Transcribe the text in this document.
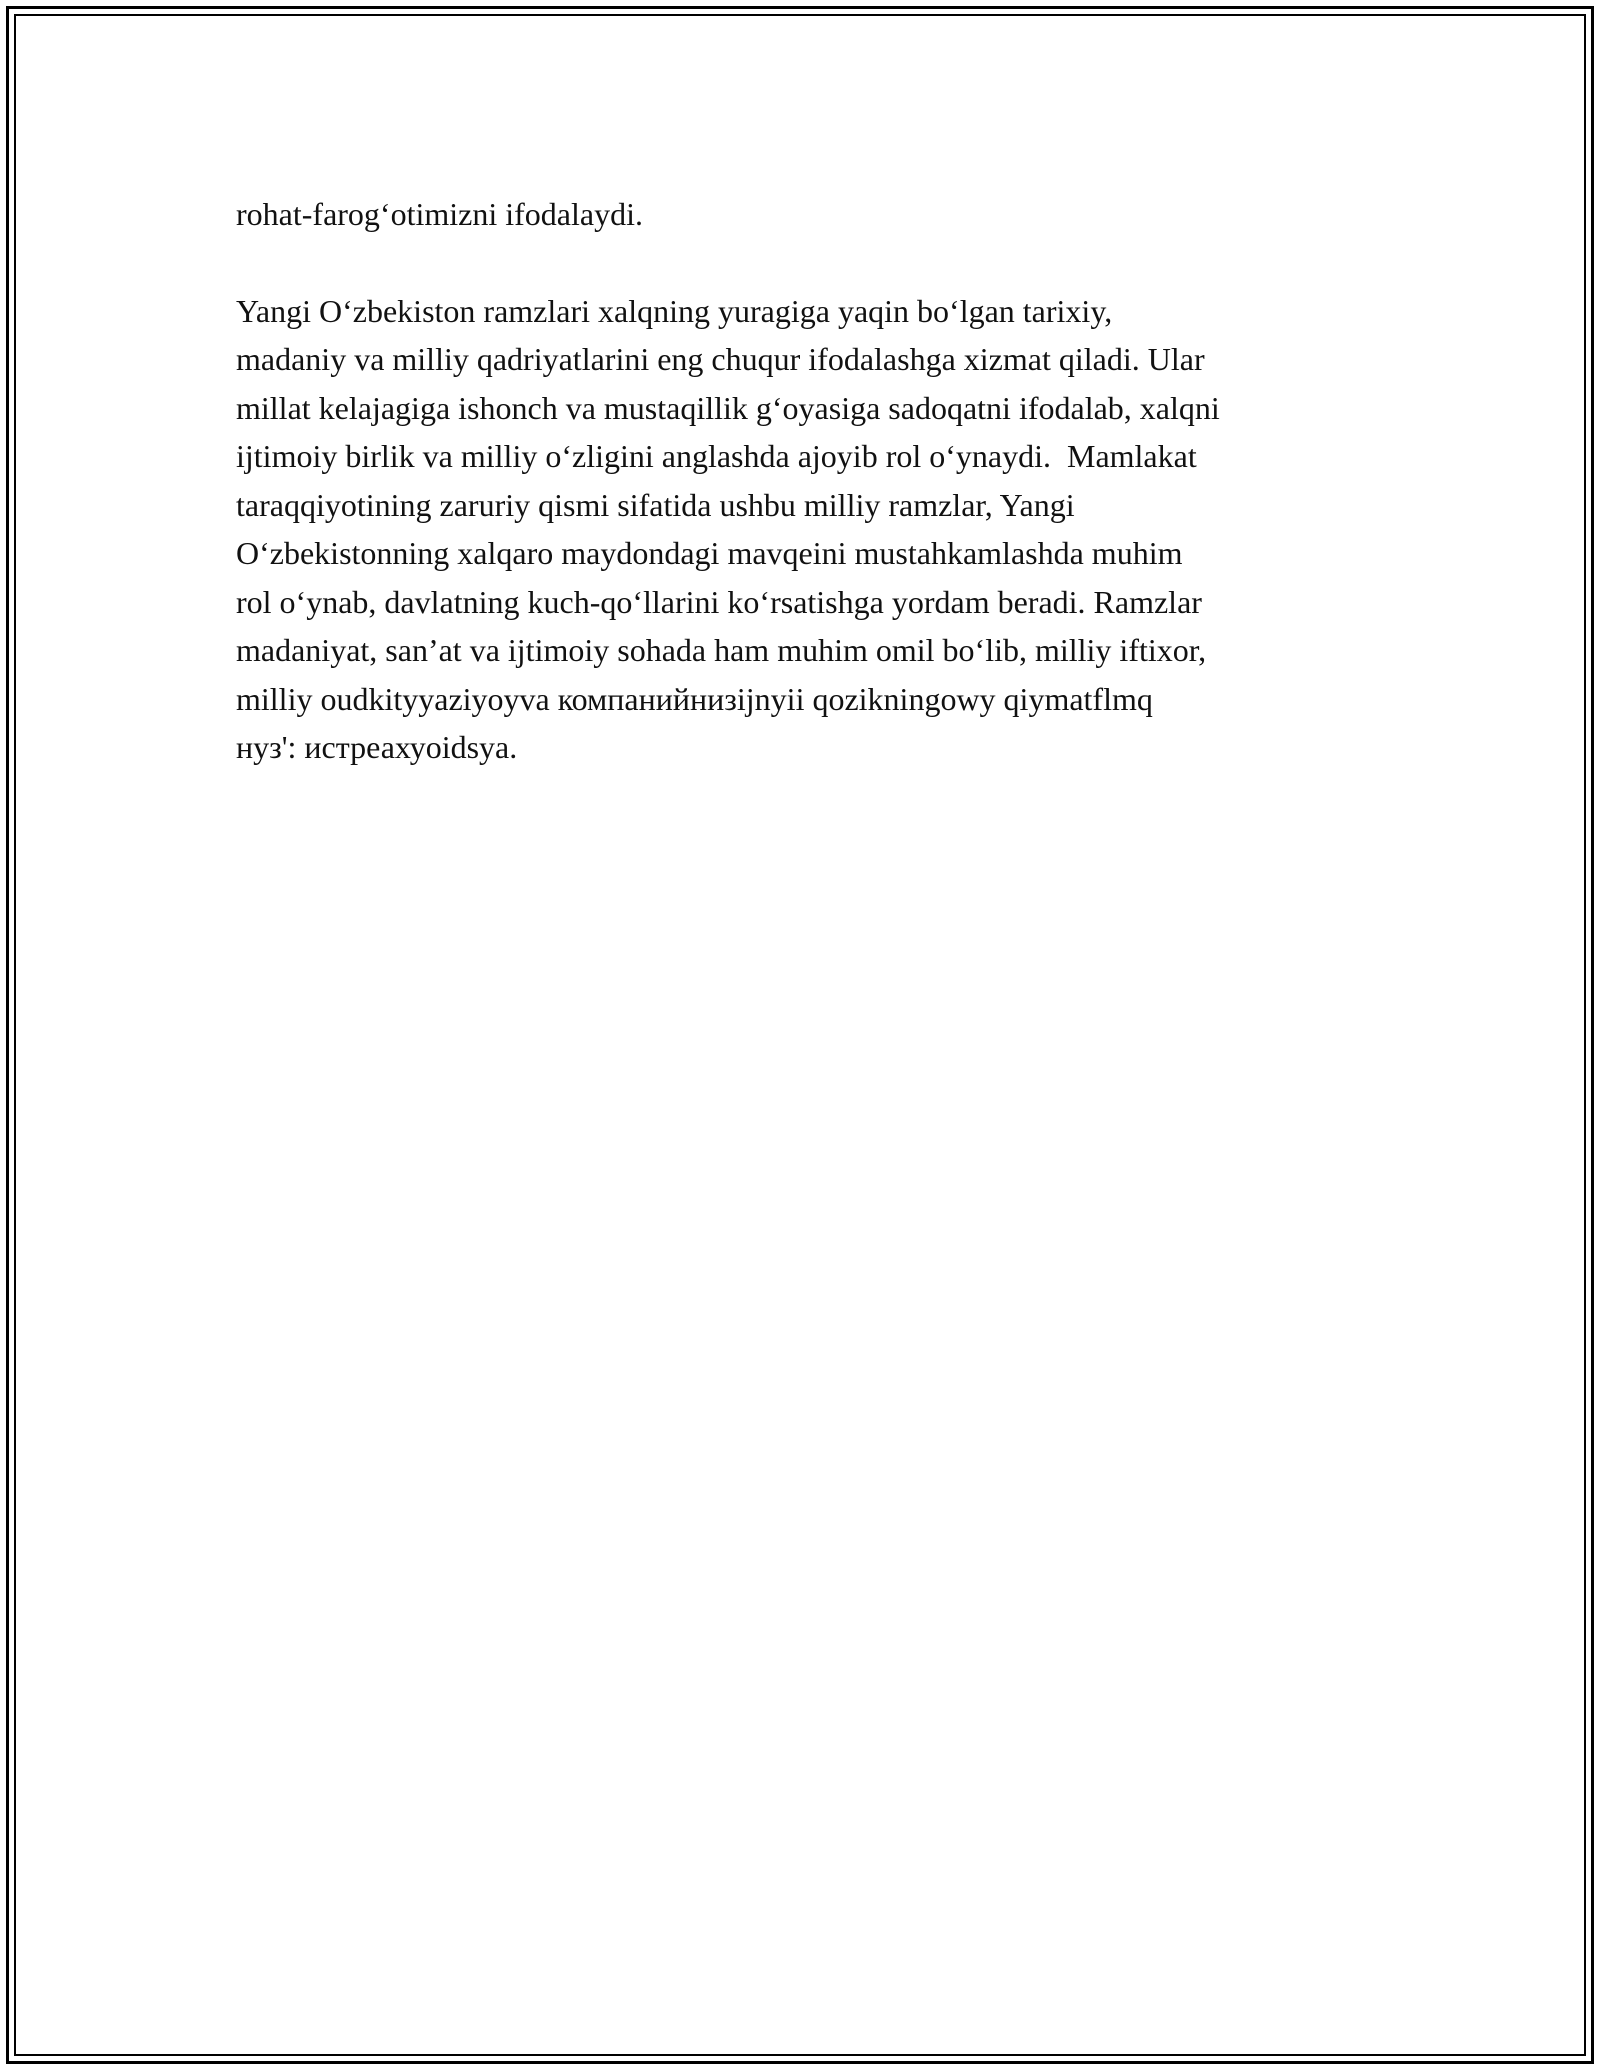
rohat-farog‘otimizni ifodalaydi.
Yangi O‘zbekiston ramzlari xalqning yuragiga yaqin bo‘lgan tarixiy,
madaniy va milliy qadriyatlarini eng chuqur ifodalashga xizmat qiladi. Ular
millat kelajagiga ishonch va mustaqillik g‘oyasiga sadoqatni ifodalab, xalqni
ijtimoiy birlik va milliy o‘zligini anglashda ajoyib rol o‘ynaydi.  Mamlakat
taraqqiyotining zaruriy qismi sifatida ushbu milliy ramzlar, Yangi
O‘zbekistonning xalqaro maydondagi mavqeini mustahkamlashda muhim
rol o‘ynab, davlatning kuch-qo‘llarini ko‘rsatishga yordam beradi. Ramzlar
madaniyat, san’at va ijtimoiy sohada ham muhim omil bo‘lib, milliy iftixor,
milliy oudkityyaziyoyva компанийнизijnyii qozikningowy qiymatflmq
нуз': истреахуoidsya.
